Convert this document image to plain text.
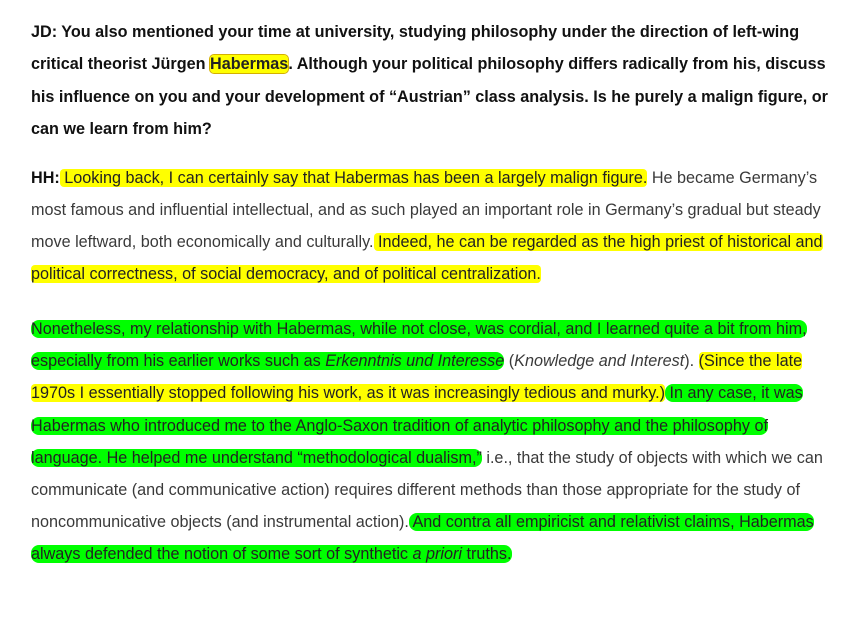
JD: You also mentioned your time at university, studying philosophy under the direction of left-wing critical theorist Jürgen Habermas. Although your political philosophy differs radically from his, discuss his influence on you and your development of “Austrian” class analysis. Is he purely a malign figure, or can we learn from him?

HH: Looking back, I can certainly say that Habermas has been a largely malign figure. He became Germany’s most famous and influential intellectual, and as such played an important role in Germany’s gradual but steady move leftward, both economically and culturally. Indeed, he can be regarded as the high priest of historical and political correctness, of social democracy, and of political centralization.

Nonetheless, my relationship with Habermas, while not close, was cordial, and I learned quite a bit from him, especially from his earlier works such as Erkenntnis und Interesse (Knowledge and Interest). (Since the late 1970s I essentially stopped following his work, as it was increasingly tedious and murky.) In any case, it was Habermas who introduced me to the Anglo-Saxon tradition of analytic philosophy and the philosophy of language. He helped me understand “methodological dualism,” i.e., that the study of objects with which we can communicate (and communicative action) requires different methods than those appropriate for the study of noncommunicative objects (and instrumental action). And contra all empiricist and relativist claims, Habermas always defended the notion of some sort of synthetic a priori truths.
